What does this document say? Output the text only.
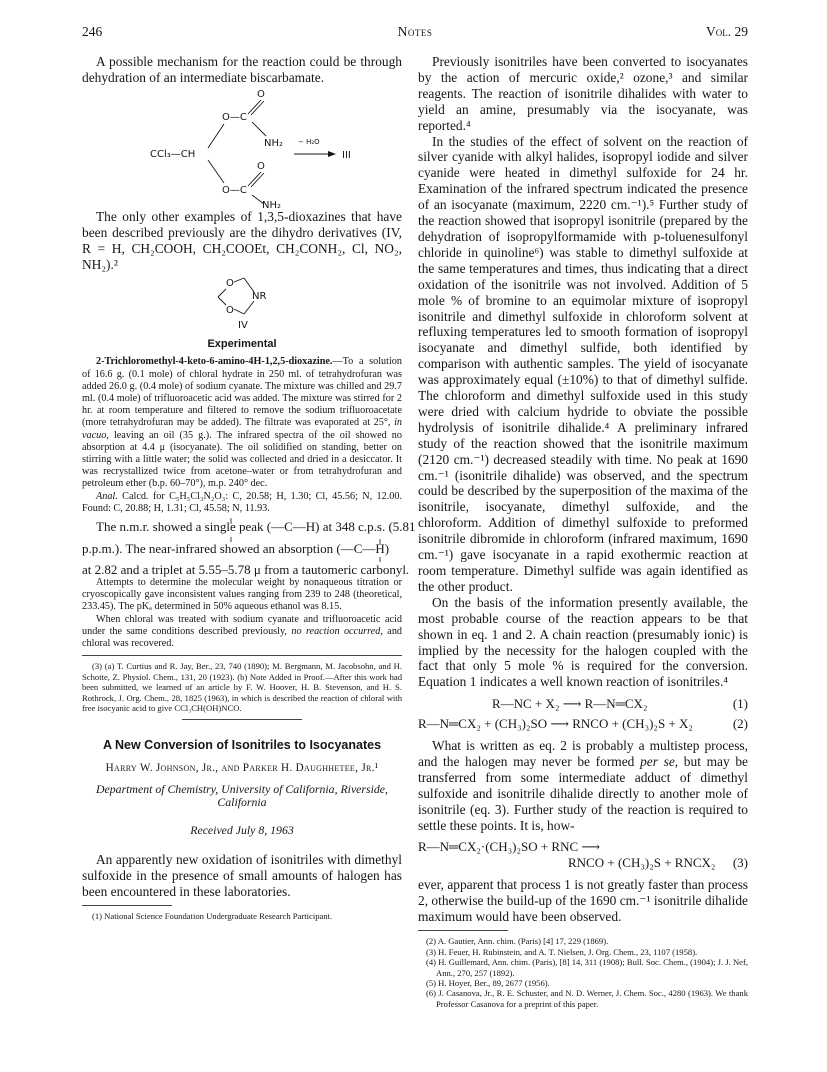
246	Notes	Vol. 29

A possible mechanism for the reaction could be through dehydration of an intermediate biscarbamate.

O
O—C
NH₂ − H₂O
CCl₃—CH	III
O
O—C
NH₂

The only other examples of 1,3,5-dioxazines that have been described previously are the dihydro derivatives (IV, R = H, CH₂COOH, CH₂COOEt, CH₂CONH₂, Cl, NO₂, NH₂).²

O
NR
O
IV
Experimental

2-Trichloromethyl-4-keto-6-amino-4H-1,2,5-dioxazine.—To a solution of 16.6 g. (0.1 mole) of chloral hydrate in 250 ml. of tetrahydrofuran was added 26.0 g. (0.4 mole) of sodium cyanate. The mixture was chilled and 29.7 ml. (0.4 mole) of trifluoroacetic acid was added. The mixture was stirred for 2 hr. at room temperature and filtered to remove the sodium trifluoroacetate (more tetrahydrofuran may be added). The filtrate was evaporated at 25°, in vacuo, leaving an oil (35 g.). The infrared spectra of the oil showed no absorption at 4.4 μ (isocyanate). The oil solidified on standing, better on stirring with a little water; the solid was collected and dried in a desiccator. It was recrystallized twice from acetone–water or from tetrahydrofuran and petroleum ether (b.p. 60–70°), m.p. 240° dec.

Anal. Calcd. for C₅H₅Cl₃N₂O₃: C, 20.58; H, 1.30; Cl, 45.56; N, 12.00. Found: C, 20.88; H, 1.31; Cl, 45.58; N, 11.93.

The n.m.r. showed a single peak (—C—H) at 348 c.p.s. (5.81
p.p.m.). The near-infrared showed an absorption (—C—H)
at 2.82 and a triplet at 5.55–5.78 μ from a tautomeric carbonyl.

Attempts to determine the molecular weight by nonaqueous titration or cryoscopically gave inconsistent values ranging from 239 to 248 (theoretical, 233.45). The pKₐ determined in 50% aqueous ethanol was 8.15.

When chloral was treated with sodium cyanate and trifluoroacetic acid under the same conditions described previously, no reaction occurred, and chloral was recovered.

(3) (a) T. Curtius and R. Jay, Ber., 23, 740 (1890); M. Bergmann, M. Jacobsohn, and H. Schotte, Z. Physiol. Chem., 131, 20 (1923). (b) Note Added in Proof.—After this work had been submitted, we learned of an article by F. W. Hoover, H. B. Stevenson, and H. S. Rothrock, J. Org. Chem., 28, 1825 (1963), in which is described the reaction of chloral with free isocyanic acid to give CCl₃CH(OH)NCO.

A New Conversion of Isonitriles to Isocyanates
Harry W. Johnson, Jr., and Parker H. Daughhetee, Jr.¹
Department of Chemistry, University of California, Riverside, California
Received July 8, 1963

An apparently new oxidation of isonitriles with dimethyl sulfoxide in the presence of small amounts of halogen has been encountered in these laboratories.

(1) National Science Foundation Undergraduate Research Participant.

Previously isonitriles have been converted to isocyanates by the action of mercuric oxide,² ozone,³ and similar reagents. The reaction of isonitrile dihalides with water to yield an amine, presumably via the isocyanate, was reported.⁴

In the studies of the effect of solvent on the reaction of silver cyanide with alkyl halides, isopropyl iodide and silver cyanide were heated in dimethyl sulfoxide for 24 hr. Examination of the infrared spectrum indicated the presence of an isocyanate (maximum, 2220 cm.⁻¹).⁵ Further study of the reaction showed that isopropyl isonitrile (prepared by the dehydration of isopropylformamide with p-toluenesulfonyl chloride in quinoline⁶) was stable to dimethyl sulfoxide at the same temperatures and times, thus indicating that a direct oxidation of the isonitrile was not involved. Addition of 5 mole % of bromine to an equimolar mixture of isopropyl isonitrile and dimethyl sulfoxide in chloroform solvent at refluxing temperatures led to smooth formation of isopropyl isocyanate and dimethyl sulfide, both identified by comparison with authentic samples. The yield of isocyanate was approximately equal (±10%) to that of dimethyl sulfide. The chloroform and dimethyl sulfoxide used in this study were dried with calcium hydride to obviate the possible hydrolysis of isonitrile dihalide.⁴ A preliminary infrared study of the reaction showed that the isonitrile maximum (2120 cm.⁻¹) decreased steadily with time. No peak at 1690 cm.⁻¹ (isonitrile dihalide) was observed, and the spectrum could be described by the superposition of the maxima of the isonitrile, isocyanate, dimethyl sulfoxide, and the chloroform. Addition of dimethyl sulfoxide to preformed isonitrile dibromide in chloroform (infrared maximum, 1690 cm.⁻¹) gave isocyanate in a rapid exothermic reaction at room temperature. Dimethyl sulfide was again identified as the other product.

On the basis of the information presently available, the most probable course of the reaction appears to be that shown in eq. 1 and 2. A chain reaction (presumably ionic) is implied by the necessity for the halogen coupled with the fact that only 5 mole % is required for the conversion. Equation 1 indicates a well known reaction of isonitriles.⁴

R—NC + X₂ ⟶ R—N═CX₂	(1)
R—N═CX₂ + (CH₃)₂SO ⟶ RNCO + (CH₃)₂S + X₂	(2)

What is written as eq. 2 is probably a multistep process, and the halogen may never be formed per se, but may be transferred from some intermediate adduct of dimethyl sulfoxide and isonitrile dihalide directly to another mole of isonitrile (eq. 3). Further study of the reaction is required to settle these points. It is, how-

R—N═CX₂·(CH₃)₂SO + RNC ⟶
RNCO + (CH₃)₂S + RNCX₂ (3)

ever, apparent that process 1 is not greatly faster than process 2, otherwise the build-up of the 1690 cm.⁻¹ isonitrile dihalide maximum would have been observed.

(2) A. Gautier, Ann. chim. (Paris) [4] 17, 229 (1869).

(3) H. Feuer, H. Rubinstein, and A. T. Nielsen, J. Org. Chem., 23, 1107 (1958).

(4) H. Guillemard, Ann. chim. (Paris), [8] 14, 311 (1908); Bull. Soc. Chem., (1904); J. J. Nef, Ann., 270, 257 (1892).

(5) H. Hoyer, Ber., 89, 2677 (1956).

(6) J. Casanova, Jr., R. E. Schuster, and N. D. Werner, J. Chem. Soc., 4280 (1963). We thank Professor Casanova for a preprint of this paper.
